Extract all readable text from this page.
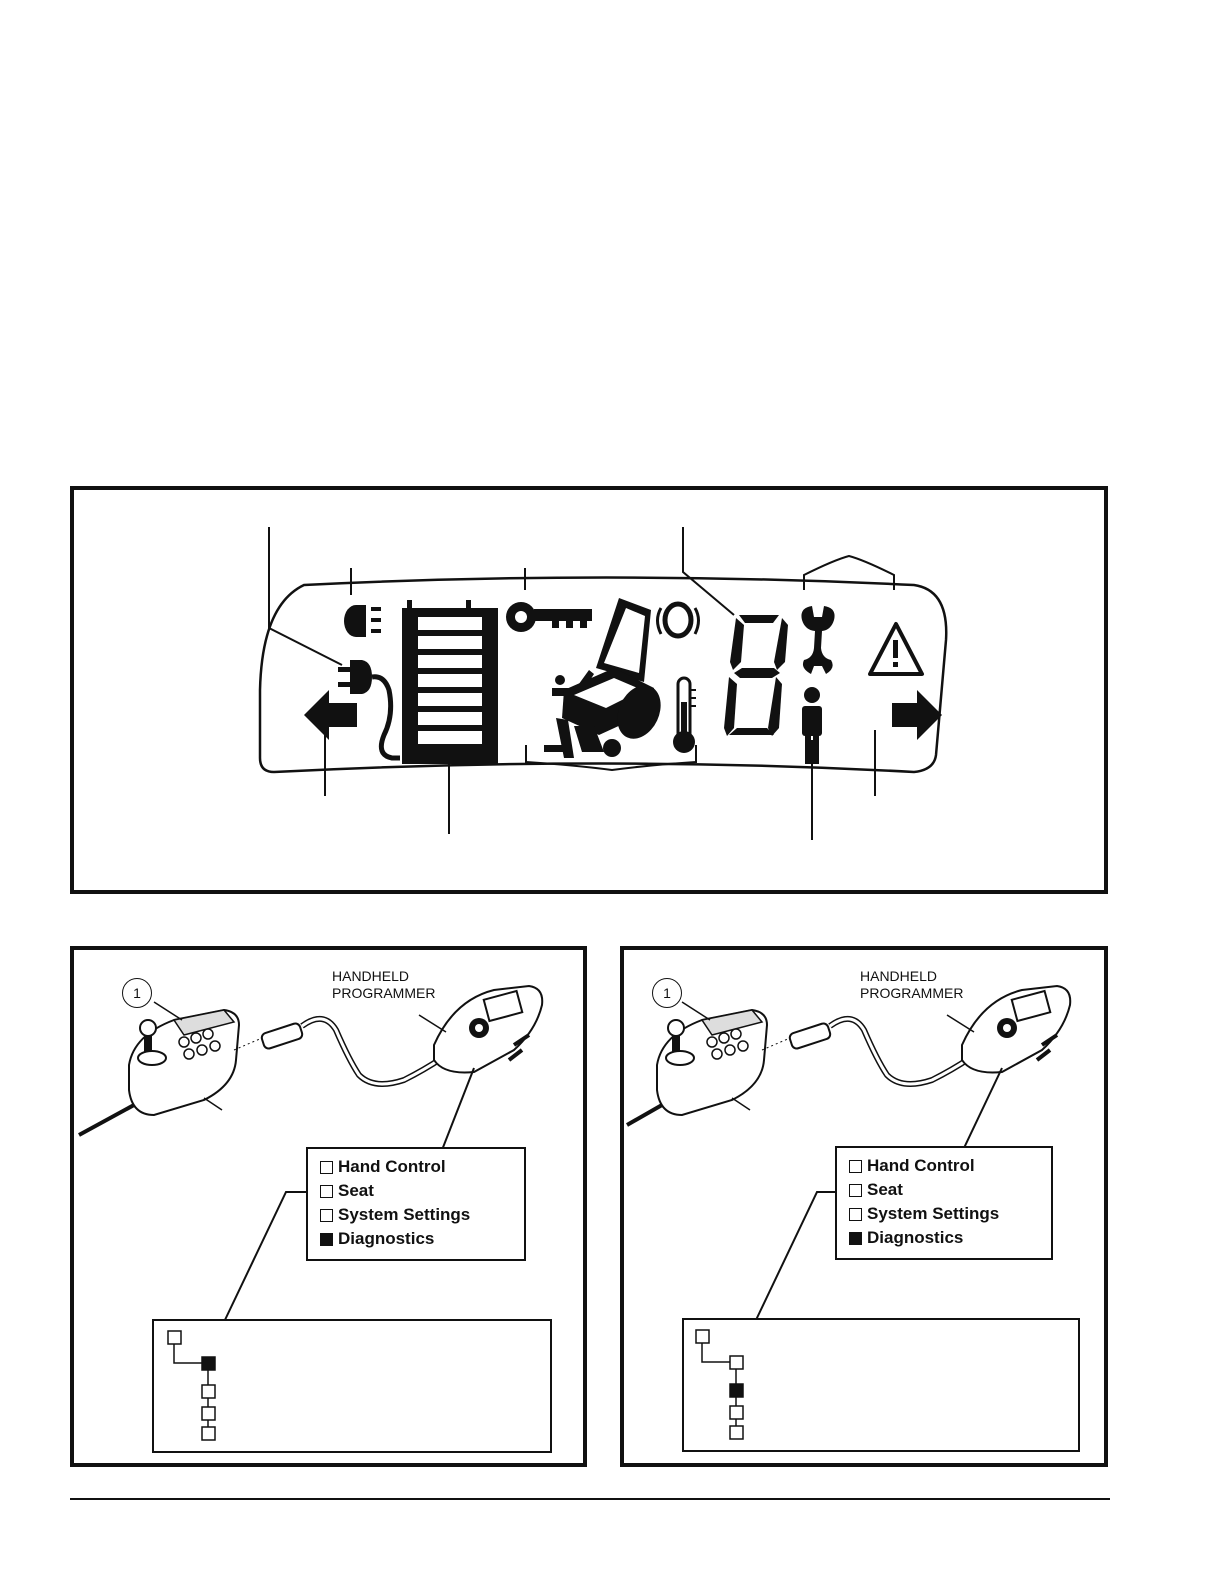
1
HANDHELD
PROGRAMMER
Hand Control
Seat
System Settings
Diagnostics
1
HANDHELD
PROGRAMMER
Hand Control
Seat
System Settings
Diagnostics
